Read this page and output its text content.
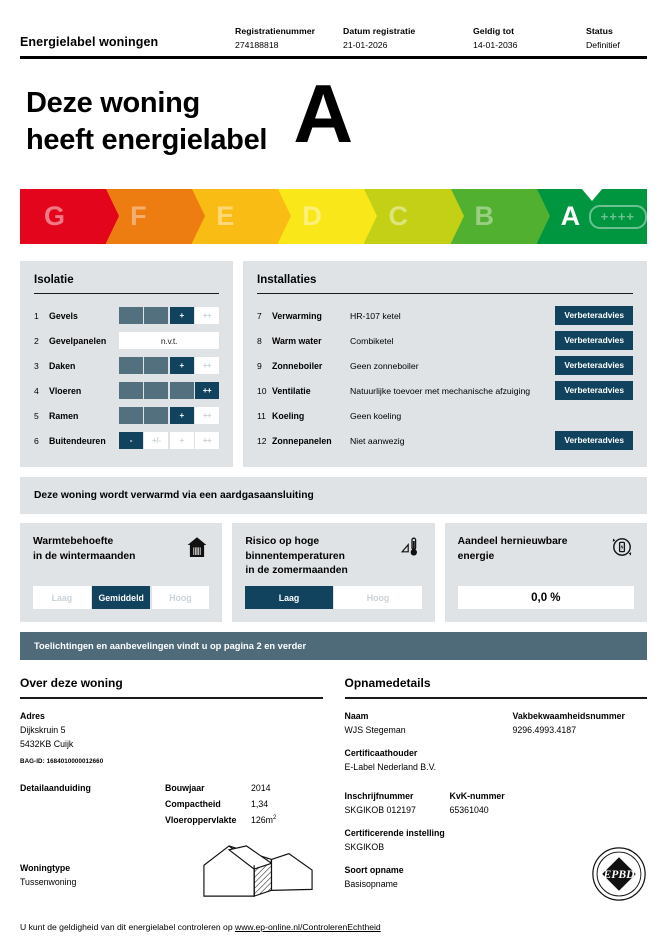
Energielabel woningen
Registratienummer
274188818
Datum registratie
21-01-2026
Geldig tot
14-01-2036
Status
Definitief
Deze woning
heeft energielabel A
G F	E	D C B A	++++
Isolatie
1	Gevels	-	+/-	+	++
2	Gevelpanelen	n.v.t.
3	Daken	-	+/-	+	++
4	Vloeren	-	+/-	+	++
5	Ramen	-	+/-	+	++
6	Buitendeuren	-	+/-	+	++
Installaties
7	Verwarming	HR-107 ketel	Verbeteradvies
8	Warm water	Combiketel	Verbeteradvies
9	Zonneboiler	Geen zonneboiler	Verbeteradvies
10 Ventilatie	Natuurlijke toevoer met mechanische afzuiging	Verbeteradvies
11 Koeling	Geen koeling
12 Zonnepanelen	Niet aanwezig	Verbeteradvies
Deze woning wordt verwarmd via een aardgasaansluiting
Warmtebehoefte
in de wintermaanden
Laag	Gemiddeld	Hoog
Risico op hoge
binnentemperaturen
in de zomermaanden
Laag	Hoog
Aandeel hernieuwbare
energie
0,0 %
Toelichtingen en aanbevelingen vindt u op pagina 2 en verder
Over deze woning
Adres
Dijkskruin 5
5432KB Cuijk
BAG-ID: 1684010000012660
Detailaanduiding	Bouwjaar	2014
Compactheid	1,34
Vloeroppervlakte	$126m^2$
Woningtype
Tussenwoning
Opnamedetails
Naam
WJS Stegeman
Vakbekwaamheidsnummer
9296.4993.4187
Certificaathouder
E-Label Nederland B.V.
Inschrijfnummer
SKGIKOB 012197
KvK-nummer
65361040
Certificerende instelling
SKGIKOB
Soort opname
Basisopname
EPBD
U kunt de geldigheid van dit energielabel controleren op www.ep-online.nl/ControlerenEchtheid
